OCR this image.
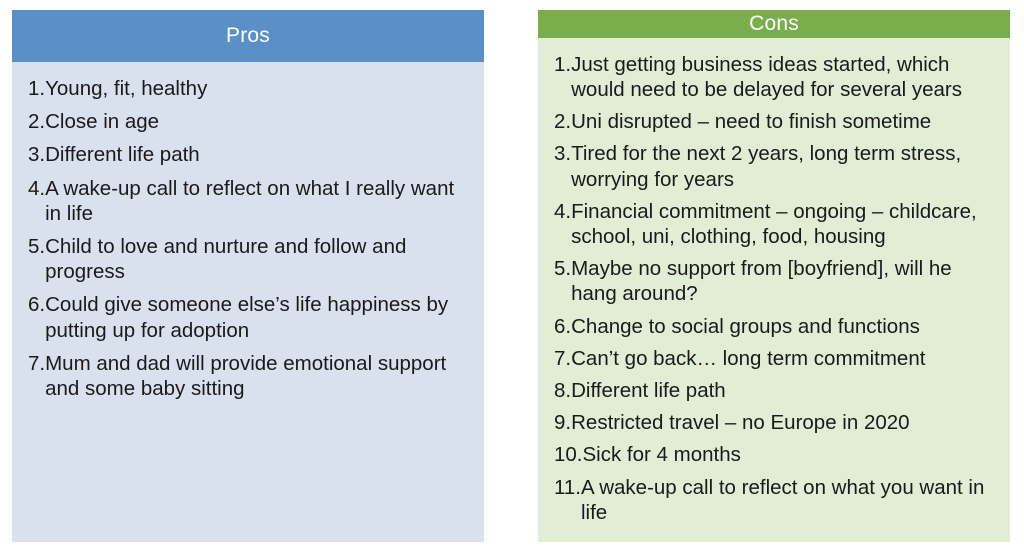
Pros
1. Young, fit, healthy
2. Close in age
3. Different life path
4. A wake-up call to reflect on what I really want in life
5. Child to love and nurture and follow and progress
6. Could give someone else’s life happiness by putting up for adoption
7. Mum and dad will provide emotional support and some baby sitting
Cons
1. Just getting business ideas started, which would need to be delayed for several years
2. Uni disrupted – need to finish sometime
3. Tired for the next 2 years, long term stress, worrying for years
4. Financial commitment – ongoing – childcare, school, uni, clothing, food, housing
5. Maybe no support from [boyfriend], will he hang around?
6. Change to social groups and functions
7. Can’t go back… long term commitment
8. Different life path
9. Restricted travel – no Europe in 2020
10. Sick for 4 months
11. A wake-up call to reflect on what you want in life
